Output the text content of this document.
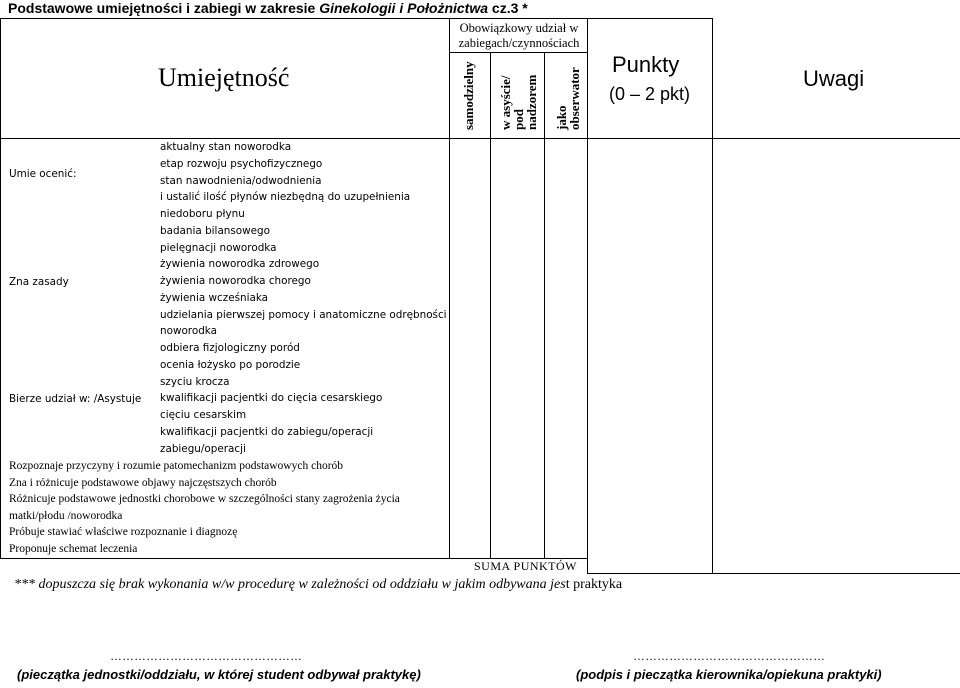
Podstawowe umiejętności i zabiegi w zakresie Ginekologii i Położnictwa cz.3 *
Umiejętność
Obowiązkowy udział w zabiegach/czynnościach
samodzielny w asyście/
pod
nadzorem jako
obserwator
Punkty
(0 – 2 pkt)
Uwagi
Umie ocenić:
Zna zasady
Bierze udział w: /Asystuje
aktualny stan noworodka
etap rozwoju psychofizycznego
stan nawodnienia/odwodnienia
i ustalić ilość płynów niezbędną do uzupełnienia
niedoboru płynu
badania bilansowego
pielęgnacji noworodka
żywienia noworodka zdrowego
żywienia noworodka chorego
żywienia wcześniaka
udzielania pierwszej pomocy i anatomiczne odrębności
noworodka
odbiera fizjologiczny poród
ocenia łożysko po porodzie
szyciu krocza
kwalifikacji pacjentki do cięcia cesarskiego
cięciu cesarskim
kwalifikacji pacjentki do zabiegu/operacji
zabiegu/operacji
Rozpoznaje przyczyny i rozumie patomechanizm podstawowych chorób
Zna i różnicuje podstawowe objawy najczęstszych chorób
Różnicuje podstawowe jednostki chorobowe w szczególności stany zagrożenia życia
matki/płodu /noworodka
Próbuje stawiać właściwe rozpoznanie i diagnozę
Proponuje schemat leczenia
SUMA PUNKTÓW
*** dopuszcza się brak wykonania w/w procedurę w zależności od oddziału w jakim odbywana jest praktyka
…………………………………………
(pieczątka jednostki/oddziału, w której student odbywał praktykę)
…………………………………………
(podpis i pieczątka kierownika/opiekuna praktyki)
